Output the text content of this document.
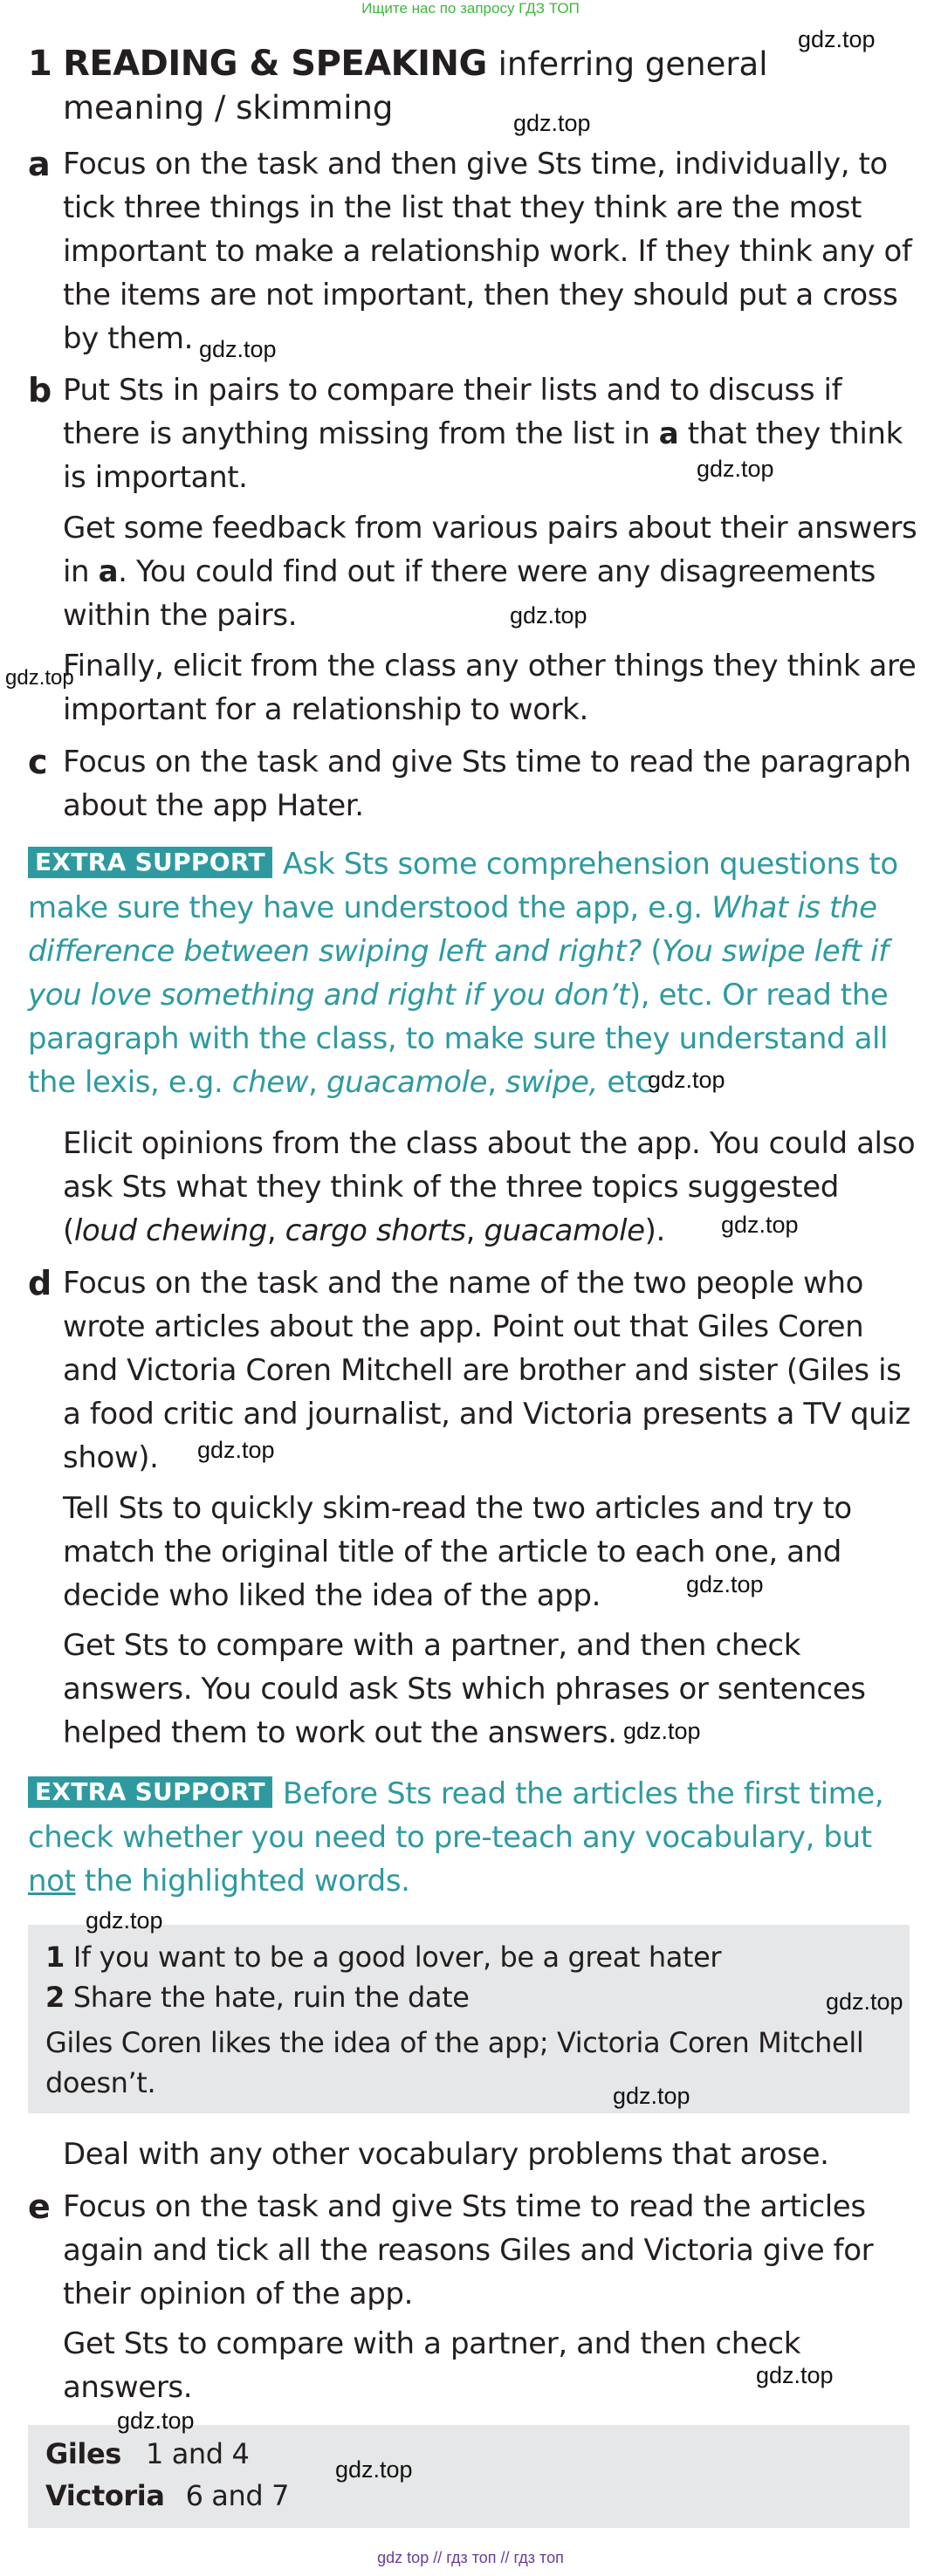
Ищите нас по запросу ГДЗ ТОП
1 READING & SPEAKING inferring general
meaning / skimming
a Focus on the task and then give Sts time, individually, to tick three things in the list that they think are the most important to make a relationship work. If they think any of the items are not important, then they should put a cross by them.
b Put Sts in pairs to compare their lists and to discuss if there is anything missing from the list in a that they think is important.
Get some feedback from various pairs about their answers in a. You could find out if there were any disagreements within the pairs.
Finally, elicit from the class any other things they think are important for a relationship to work.
c Focus on the task and give Sts time to read the paragraph about the app Hater.
EXTRA SUPPORT Ask Sts some comprehension questions to make sure they have understood the app, e.g. What is the difference between swiping left and right? (You swipe left if you love something and right if you don’t), etc. Or read the paragraph with the class, to make sure they understand all the lexis, e.g. chew, guacamole, swipe, etc.
Elicit opinions from the class about the app. You could also ask Sts what they think of the three topics suggested (loud chewing, cargo shorts, guacamole).
d Focus on the task and the name of the two people who wrote articles about the app. Point out that Giles Coren and Victoria Coren Mitchell are brother and sister (Giles is a food critic and journalist, and Victoria presents a TV quiz show).
Tell Sts to quickly skim-read the two articles and try to match the original title of the article to each one, and decide who liked the idea of the app.
Get Sts to compare with a partner, and then check answers. You could ask Sts which phrases or sentences helped them to work out the answers.
EXTRA SUPPORT Before Sts read the articles the first time, check whether you need to pre-teach any vocabulary, but not the highlighted words.
1 If you want to be a good lover, be a great hater
2 Share the hate, ruin the date
Giles Coren likes the idea of the app; Victoria Coren Mitchell doesn’t.
Deal with any other vocabulary problems that arose.
e Focus on the task and give Sts time to read the articles again and tick all the reasons Giles and Victoria give for their opinion of the app.
Get Sts to compare with a partner, and then check answers.
Giles 1 and 4
Victoria 6 and 7
gdz.top
gdz.top
gdz.top
gdz.top
gdz.top
gdz.top
gdz.top
gdz.top
gdz.top
gdz.top
gdz.top
gdz.top
gdz.top
gdz.top
gdz.top
gdz.top
gdz.top
gdz top // гдз топ // гдз топ
